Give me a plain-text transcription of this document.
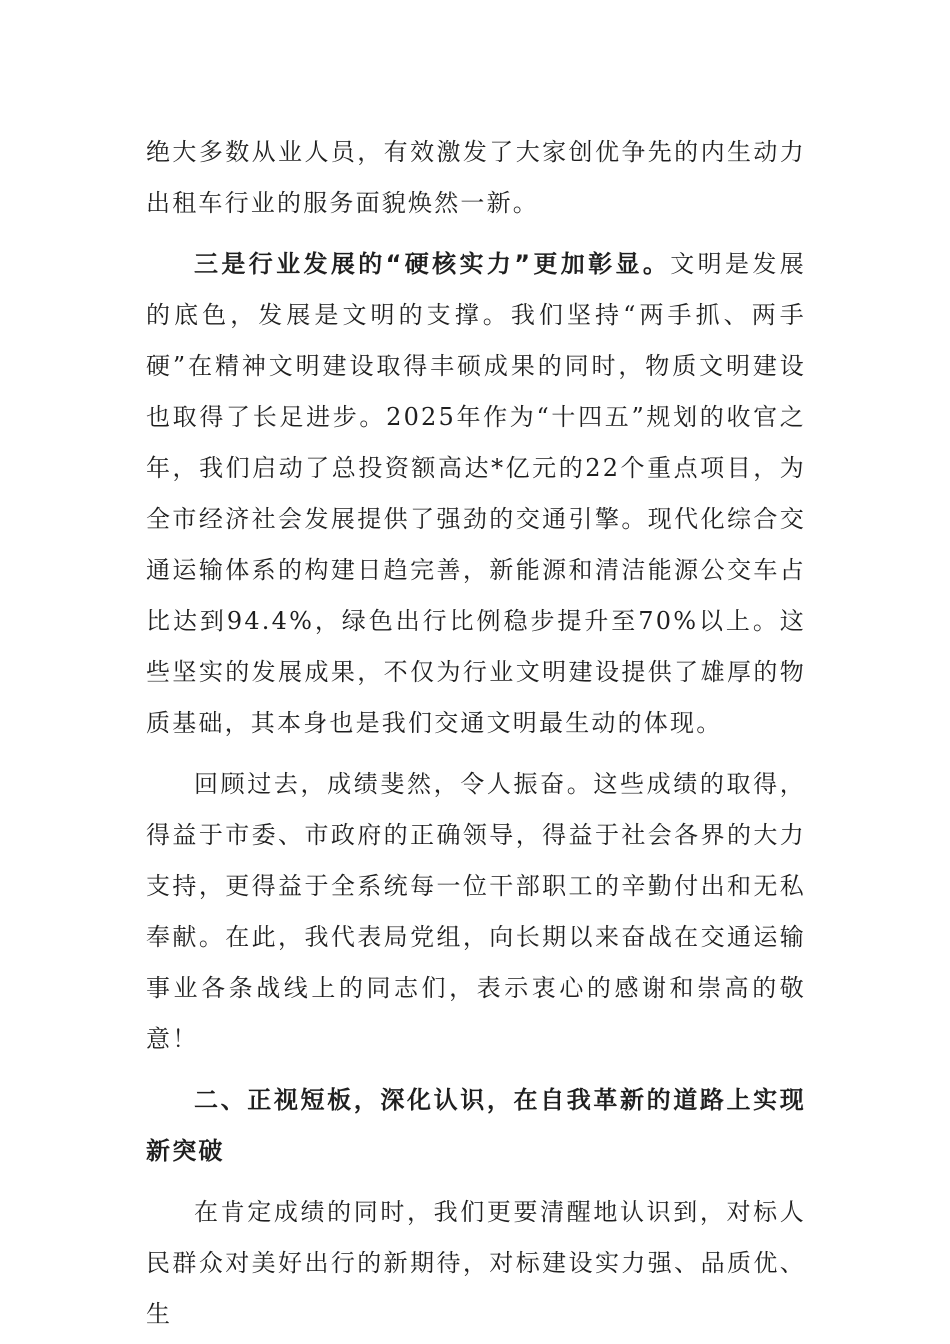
绝大多数从业人员，有效激发了大家创优争先的内生动力出租车行业的服务面貌焕然一新。

三是行业发展的“硬核实力”更加彰显。文明是发展的底色，发展是文明的支撑。我们坚持“两手抓、两手硬”在精神文明建设取得丰硕成果的同时，物质文明建设也取得了长足进步。2025年作为“十四五”规划的收官之年，我们启动了总投资额高达*亿元的22个重点项目，为全市经济社会发展提供了强劲的交通引擎。现代化综合交通运输体系的构建日趋完善，新能源和清洁能源公交车占比达到94.4%，绿色出行比例稳步提升至70%以上。这些坚实的发展成果，不仅为行业文明建设提供了雄厚的物质基础，其本身也是我们交通文明最生动的体现。

回顾过去，成绩斐然，令人振奋。这些成绩的取得，得益于市委、市政府的正确领导，得益于社会各界的大力支持，更得益于全系统每一位干部职工的辛勤付出和无私奉献。在此，我代表局党组，向长期以来奋战在交通运输事业各条战线上的同志们，表示衷心的感谢和崇高的敬意！

二、正视短板，深化认识，在自我革新的道路上实现新突破

在肯定成绩的同时，我们更要清醒地认识到，对标人民群众对美好出行的新期待，对标建设实力强、品质优、生
